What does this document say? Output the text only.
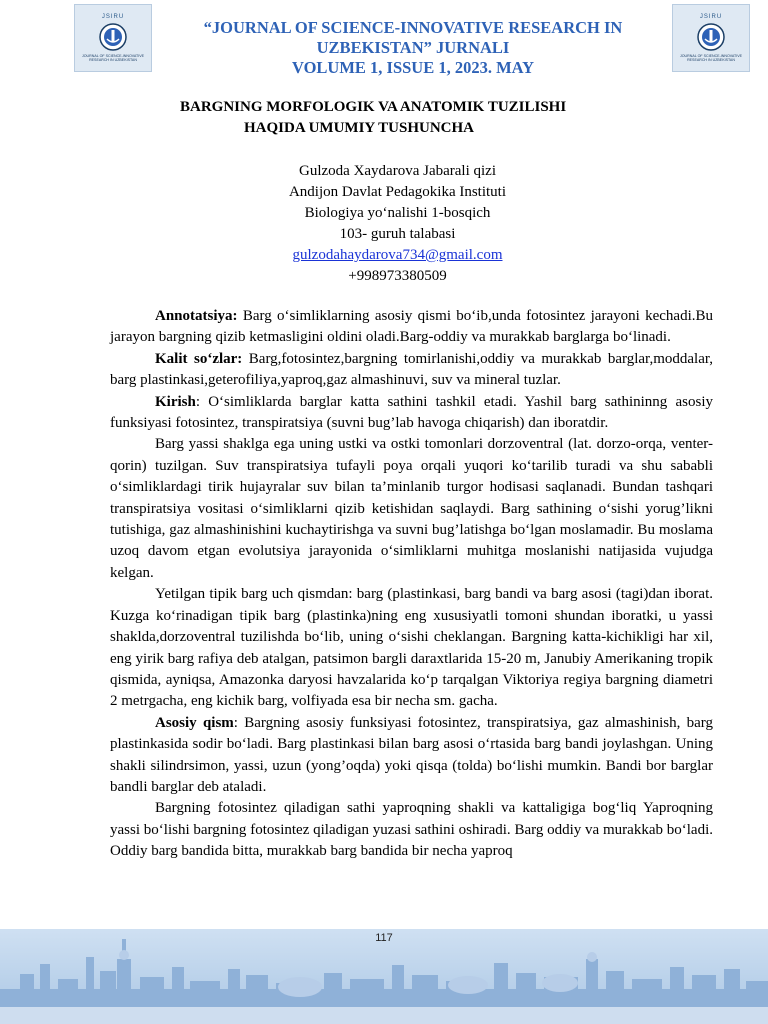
JSIRU
JOURNAL OF SCIENCE-INNOVATIVE RESEARCH IN UZBEKISTAN
JSIRU
JOURNAL OF SCIENCE-INNOVATIVE RESEARCH IN UZBEKISTAN
“JOURNAL OF SCIENCE-INNOVATIVE RESEARCH IN
UZBEKISTAN” JURNALI
VOLUME 1, ISSUE 1, 2023. MAY
BARGNING MORFOLOGIK VA ANATOMIK TUZILISHI
HAQIDA UMUMIY TUSHUNCHA
Gulzoda Xaydarova Jabarali qizi
Andijon Davlat Pedagokika Instituti
Biologiya yo‘nalishi 1-bosqich
103- guruh talabasi
gulzodahaydarova734@gmail.com
+998973380509

Annotatsiya: Barg o‘simliklarning asosiy qismi bo‘ib,unda fotosintez jarayoni kechadi.Bu jarayon bargning qizib ketmasligini oldini oladi.Barg-oddiy va murakkab barglarga bo‘linadi.

Kalit so‘zlar: Barg,fotosintez,bargning tomirlanishi,oddiy va murakkab barglar,moddalar, barg plastinkasi,geterofiliya,yaproq,gaz almashinuvi, suv va mineral tuzlar.

Kirish: O‘simliklarda barglar katta sathini tashkil etadi. Yashil barg sathininng asosiy funksiyasi fotosintez, transpiratsiya (suvni bug’lab havoga chiqarish) dan iboratdir.

Barg yassi shaklga ega uning ustki va ostki tomonlari dorzoventral (lat. dorzo-orqa, venter-qorin) tuzilgan. Suv transpiratsiya tufayli poya orqali yuqori ko‘tarilib turadi va shu sababli o‘simliklardagi tirik hujayralar suv bilan ta’minlanib turgor hodisasi saqlanadi. Bundan tashqari transpiratsiya vositasi o‘simliklarni qizib ketishidan saqlaydi. Barg sathining o‘sishi yorug’likni tutishiga, gaz almashinishini kuchaytirishga va suvni bug’latishga bo‘lgan moslamadir. Bu moslama uzoq davom etgan evolutsiya jarayonida o‘simliklarni muhitga moslanishi natijasida vujudga kelgan.

Yetilgan tipik barg uch qismdan: barg (plastinkasi, barg bandi va barg asosi (tagi)dan iborat. Kuzga ko‘rinadigan tipik barg (plastinka)ning eng xususiyatli tomoni shundan iboratki, u yassi shaklda,dorzoventral tuzilishda bo‘lib, uning o‘sishi cheklangan. Bargning katta-kichikligi har xil, eng yirik barg rafiya deb atalgan, patsimon bargli daraxtlarida 15-20 m, Janubiy Amerikaning tropik qismida, ayniqsa, Amazonka daryosi havzalarida ko‘p tarqalgan Viktoriya regiya bargning diametri 2 metrgacha, eng kichik barg, volfiyada esa bir necha sm. gacha.

Asosiy qism: Bargning asosiy funksiyasi fotosintez, transpiratsiya, gaz almashinish, barg plastinkasida sodir bo‘ladi. Barg plastinkasi bilan barg asosi o‘rtasida barg bandi joylashgan. Uning shakli silindrsimon, yassi, uzun (yong’oqda) yoki qisqa (tolda) bo‘lishi mumkin. Bandi bor barglar bandli barglar deb ataladi.

Bargning fotosintez qiladigan sathi yaproqning shakli va kattaligiga bog‘liq Yaproqning yassi bo‘lishi bargning fotosintez qiladigan yuzasi sathini oshiradi. Barg oddiy va murakkab bo‘ladi. Oddiy barg bandida bitta, murakkab barg bandida bir necha yaproq

117
